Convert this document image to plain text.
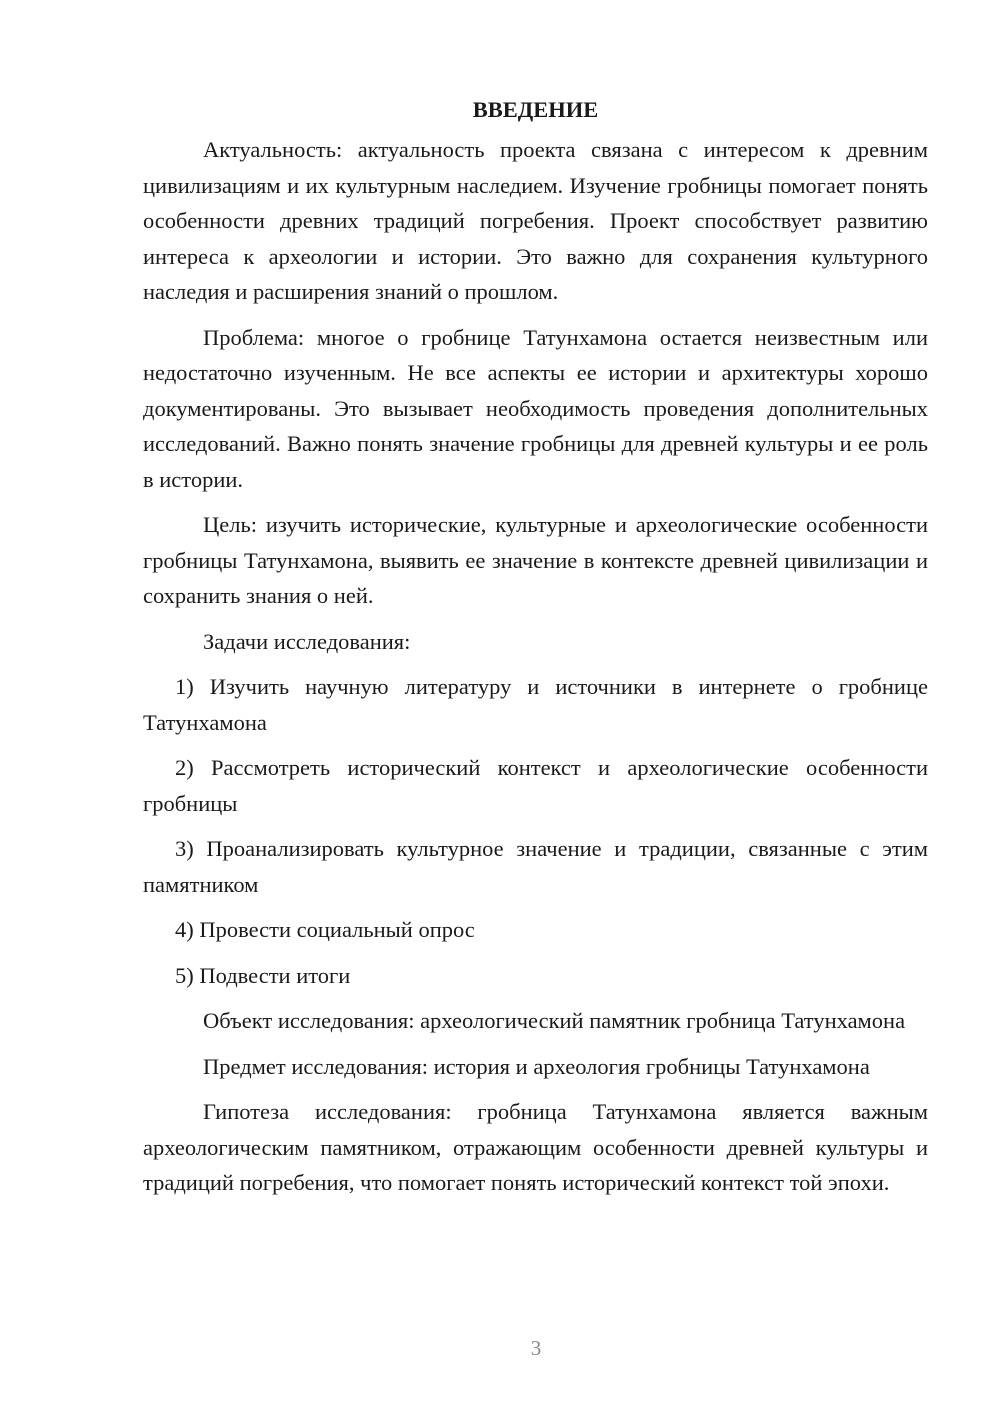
ВВЕДЕНИЕ

Актуальность: актуальность проекта связана с интересом к древним цивилизациям и их культурным наследием. Изучение гробницы помогает понять особенности древних традиций погребения. Проект способствует развитию интереса к археологии и истории. Это важно для сохранения культурного наследия и расширения знаний о прошлом.

Проблема: многое о гробнице Татунхамона остается неизвестным или недостаточно изученным. Не все аспекты ее истории и архитектуры хорошо документированы. Это вызывает необходимость проведения дополнительных исследований. Важно понять значение гробницы для древней культуры и ее роль в истории.

Цель: изучить исторические, культурные и археологические особенности гробницы Татунхамона, выявить ее значение в контексте древней цивилизации и сохранить знания о ней.

Задачи исследования:

1) Изучить научную литературу и источники в интернете о гробнице Татунхамона

2) Рассмотреть исторический контекст и археологические особенности гробницы

3) Проанализировать культурное значение и традиции, связанные с этим памятником

4) Провести социальный опрос

5) Подвести итоги

Объект исследования: археологический памятник гробница Татунхамона

Предмет исследования: история и археология гробницы Татунхамона

Гипотеза исследования: гробница Татунхамона является важным археологическим памятником, отражающим особенности древней культуры и традиций погребения, что помогает понять исторический контекст той эпохи.

3
